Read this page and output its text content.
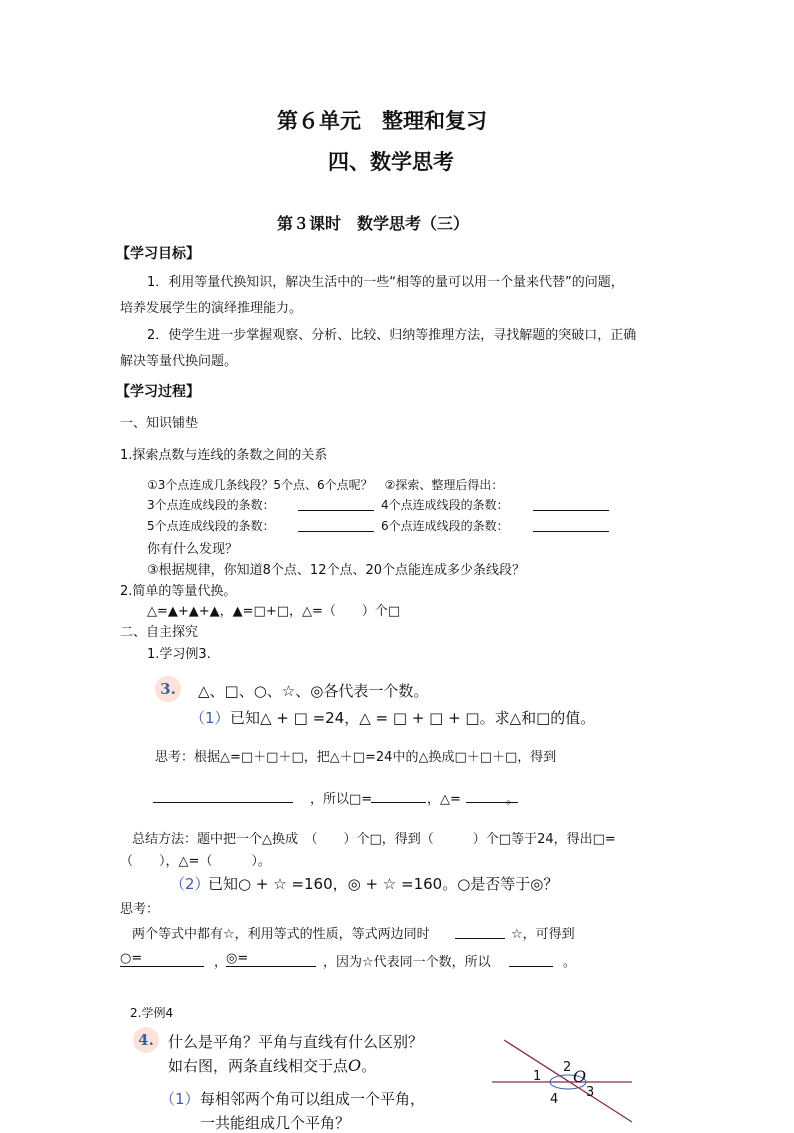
第６单元　整理和复习
四、数学思考
第３课时　数学思考（三）
【学习目标】
1．利用等量代换知识，解决生活中的一些“相等的量可以用一个量来代替”的问题，
培养发展学生的演绎推理能力。
2．使学生进一步掌握观察、分析、比较、归纳等推理方法，寻找解题的突破口，正确
解决等量代换问题。
【学习过程】
一、知识铺垫
1.探索点数与连线的条数之间的关系
①3个点连成几条线段？5个点、6个点呢？　②探索、整理后得出：
3个点连成线段的条数：	4个点连成线段的条数：
5个点连成线段的条数：	6个点连成线段的条数：
你有什么发现？
③根据规律，你知道8个点、12个点、20个点能连成多少条线段？
2.简单的等量代换。
△=▲+▲+▲，▲=□+□，△=（　　）个□
二、自主探究
1.学习例3.
3.	△、□、○、☆、◎各代表一个数。
（1） 已知△ + □ =24，△ = □ + □ + □。求△和□的值。
思考：根据△=□＋□＋□，把△＋□=24中的△换成□＋□＋□，得到
，所以□=	，△=	。
总结方法：题中把一个△换成　（　　）个□，得到（　　　）个□等于24，得出□=
（　　），△=（　　　）。
（2）
已知○ + ☆ =160，◎ + ☆ =160。○是否等于◎？
思考：
两个等式中都有☆，利用等式的性质，等式两边同时	☆，可得到
○=	，
◎=	，因为☆代表同一个数，所以	。
2.学例4
4. 什么是平角？平角与直线有什么区别？
如右图，两条直线相交于点O。
（1） 每相邻两个角可以组成一个平角，
一共能组成几个平角？
1
2 O
3
4
